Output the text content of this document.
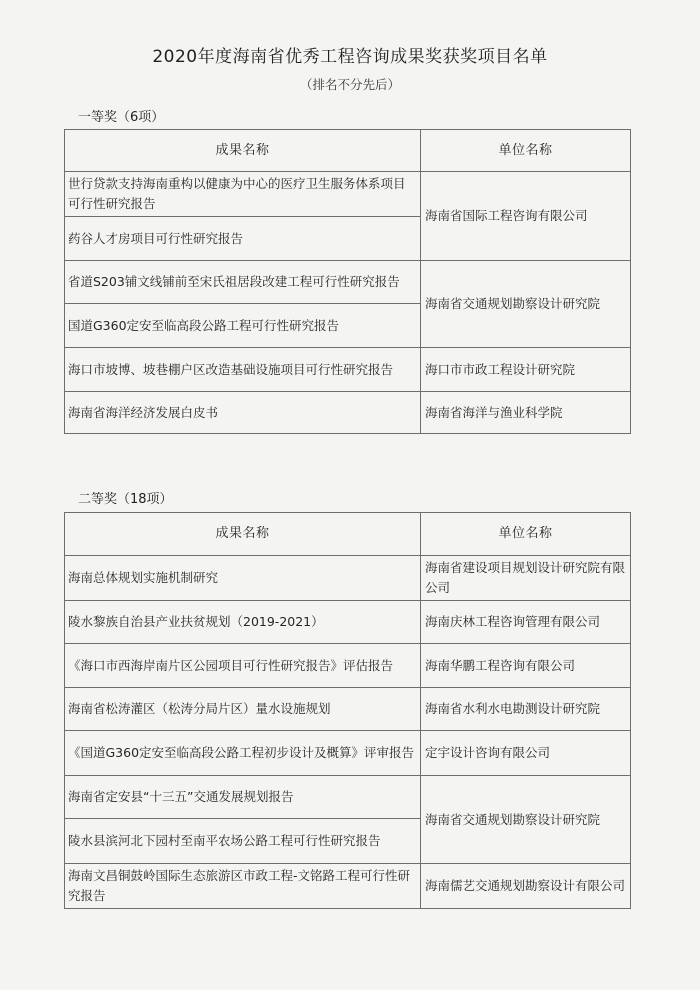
2020年度海南省优秀工程咨询成果奖获奖项目名单
（排名不分先后）
一等奖（6项）
成果名称	单位名称
世行贷款支持海南重构以健康为中心的医疗卫生服务体系项目可行性研究报告	海南省国际工程咨询有限公司
药谷人才房项目可行性研究报告	
省道S203铺文线铺前至宋氏祖居段改建工程可行性研究报告	海南省交通规划勘察设计研究院
国道G360定安至临高段公路工程可行性研究报告	
海口市坡博、坡巷棚户区改造基础设施项目可行性研究报告	海口市市政工程设计研究院
海南省海洋经济发展白皮书	海南省海洋与渔业科学院
二等奖（18项）
成果名称	单位名称
海南总体规划实施机制研究	海南省建设项目规划设计研究院有限公司
陵水黎族自治县产业扶贫规划（2019-2021）	海南庆林工程咨询管理有限公司
《海口市西海岸南片区公园项目可行性研究报告》评估报告	海南华鹏工程咨询有限公司
海南省松涛灌区（松涛分局片区）量水设施规划	海南省水利水电勘测设计研究院
《国道G360定安至临高段公路工程初步设计及概算》评审报告	定宇设计咨询有限公司
海南省定安县“十三五”交通发展规划报告	海南省交通规划勘察设计研究院
陵水县滨河北下园村至南平农场公路工程可行性研究报告	
海南文昌铜鼓岭国际生态旅游区市政工程-文铭路工程可行性研究报告	海南儒艺交通规划勘察设计有限公司
